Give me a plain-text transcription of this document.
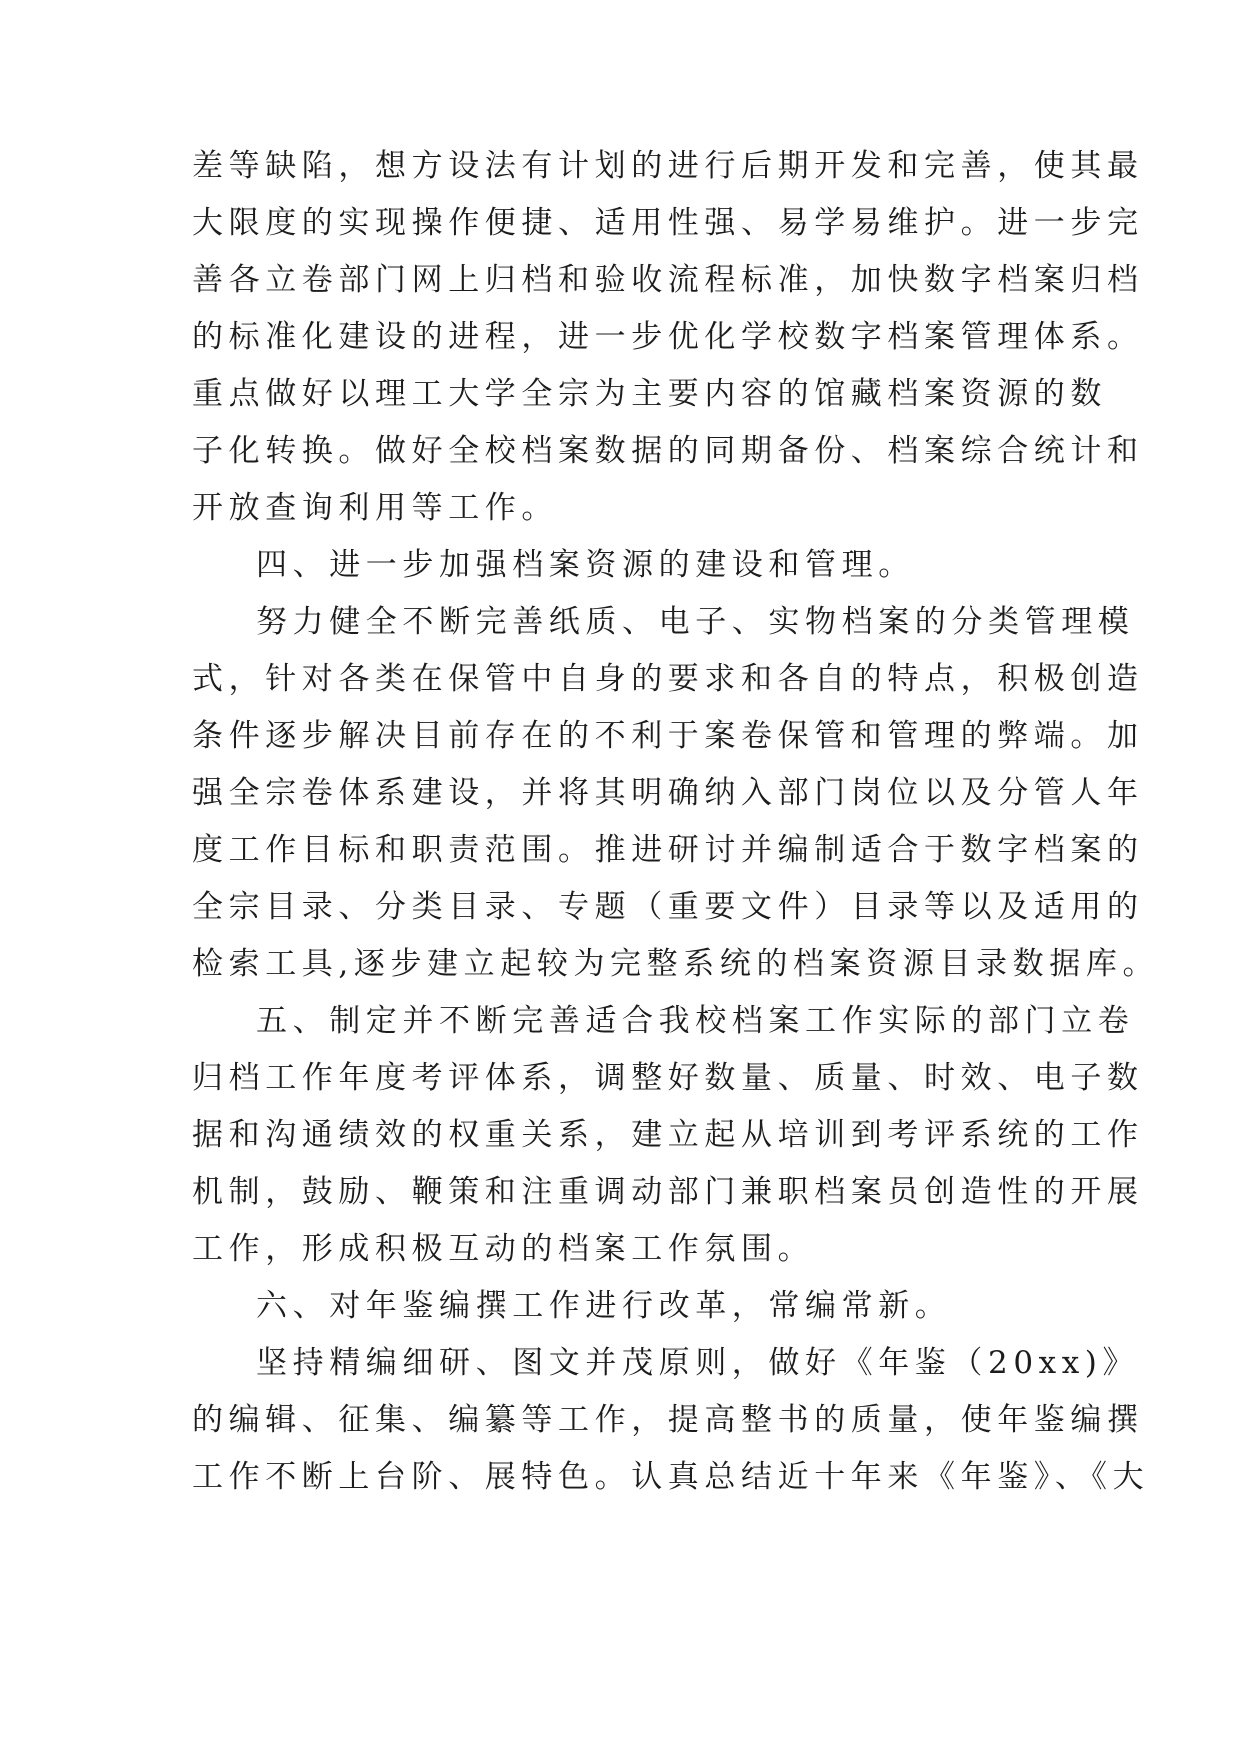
差等缺陷，想方设法有计划的进行后期开发和完善，使其最
大限度的实现操作便捷、适用性强、易学易维护。进一步完
善各立卷部门网上归档和验收流程标准，加快数字档案归档
的标准化建设的进程，进一步优化学校数字档案管理体系。
重点做好以理工大学全宗为主要内容的馆藏档案资源的数
子化转换。做好全校档案数据的同期备份、档案综合统计和
开放查询利用等工作。
四、进一步加强档案资源的建设和管理。
努力健全不断完善纸质、电子、实物档案的分类管理模
式，针对各类在保管中自身的要求和各自的特点，积极创造
条件逐步解决目前存在的不利于案卷保管和管理的弊端。加
强全宗卷体系建设，并将其明确纳入部门岗位以及分管人年
度工作目标和职责范围。推进研讨并编制适合于数字档案的
全宗目录、分类目录、专题（重要文件）目录等以及适用的
检索工具,逐步建立起较为完整系统的档案资源目录数据库。
五、制定并不断完善适合我校档案工作实际的部门立卷
归档工作年度考评体系，调整好数量、质量、时效、电子数
据和沟通绩效的权重关系，建立起从培训到考评系统的工作
机制，鼓励、鞭策和注重调动部门兼职档案员创造性的开展
工作，形成积极互动的档案工作氛围。
六、对年鉴编撰工作进行改革，常编常新。
坚持精编细研、图文并茂原则，做好《年鉴（20xx)》
的编辑、征集、编纂等工作，提高整书的质量，使年鉴编撰
工作不断上台阶、展特色。认真总结近十年来《年鉴》、《大
